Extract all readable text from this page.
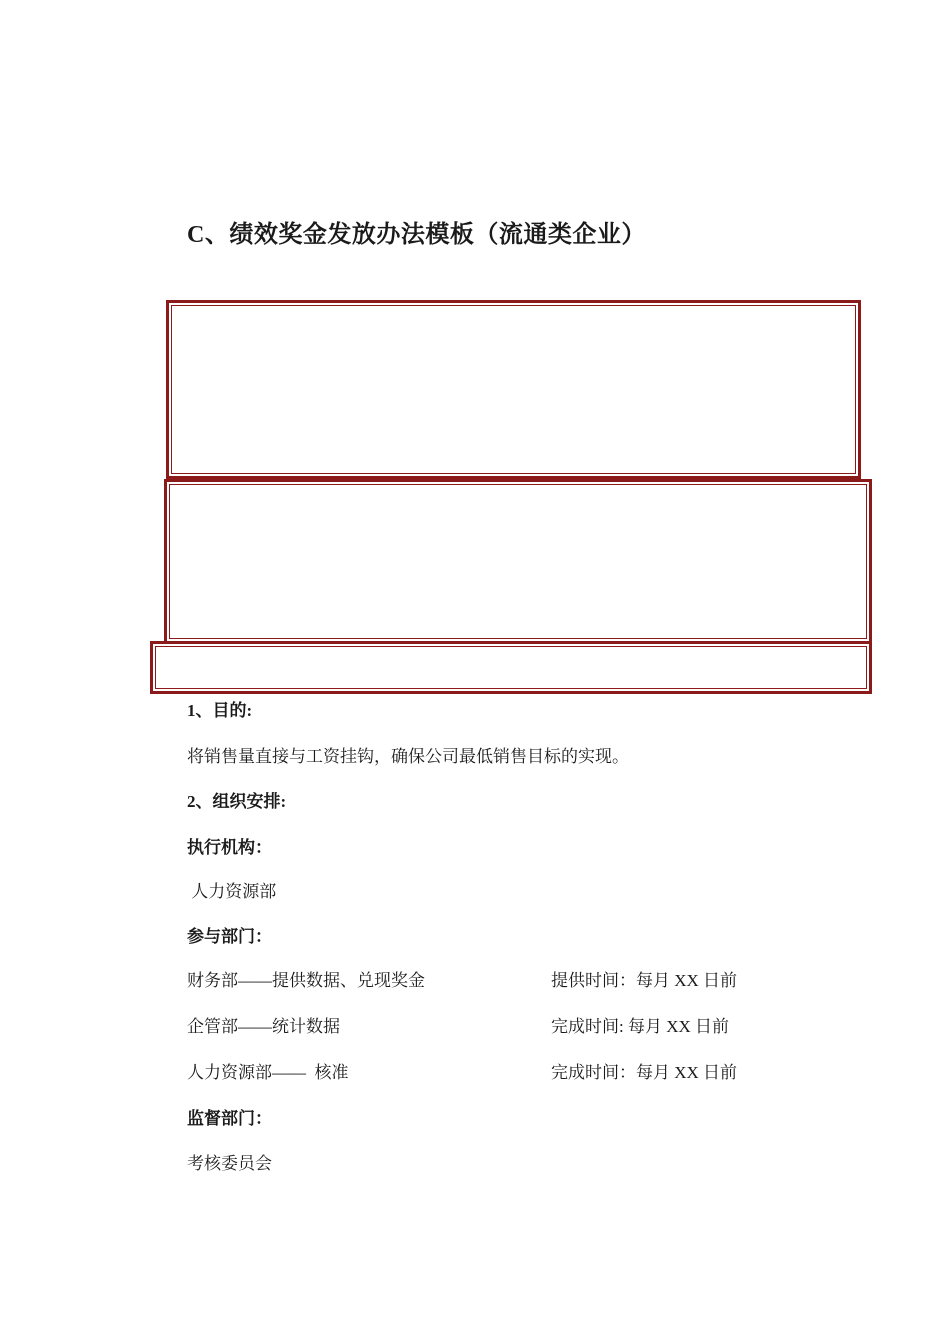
C、绩效奖金发放办法模板（流通类企业）
1、目的:
将销售量直接与工资挂钩，确保公司最低销售目标的实现。
2、组织安排:
执行机构：
人力资源部
参与部门：
财务部——提供数据、兑现奖金	提供时间：每月 XX 日前
企管部——统计数据	完成时间: 每月 XX 日前
人力资源部——  核准	完成时间：每月 XX 日前
监督部门：
考核委员会
